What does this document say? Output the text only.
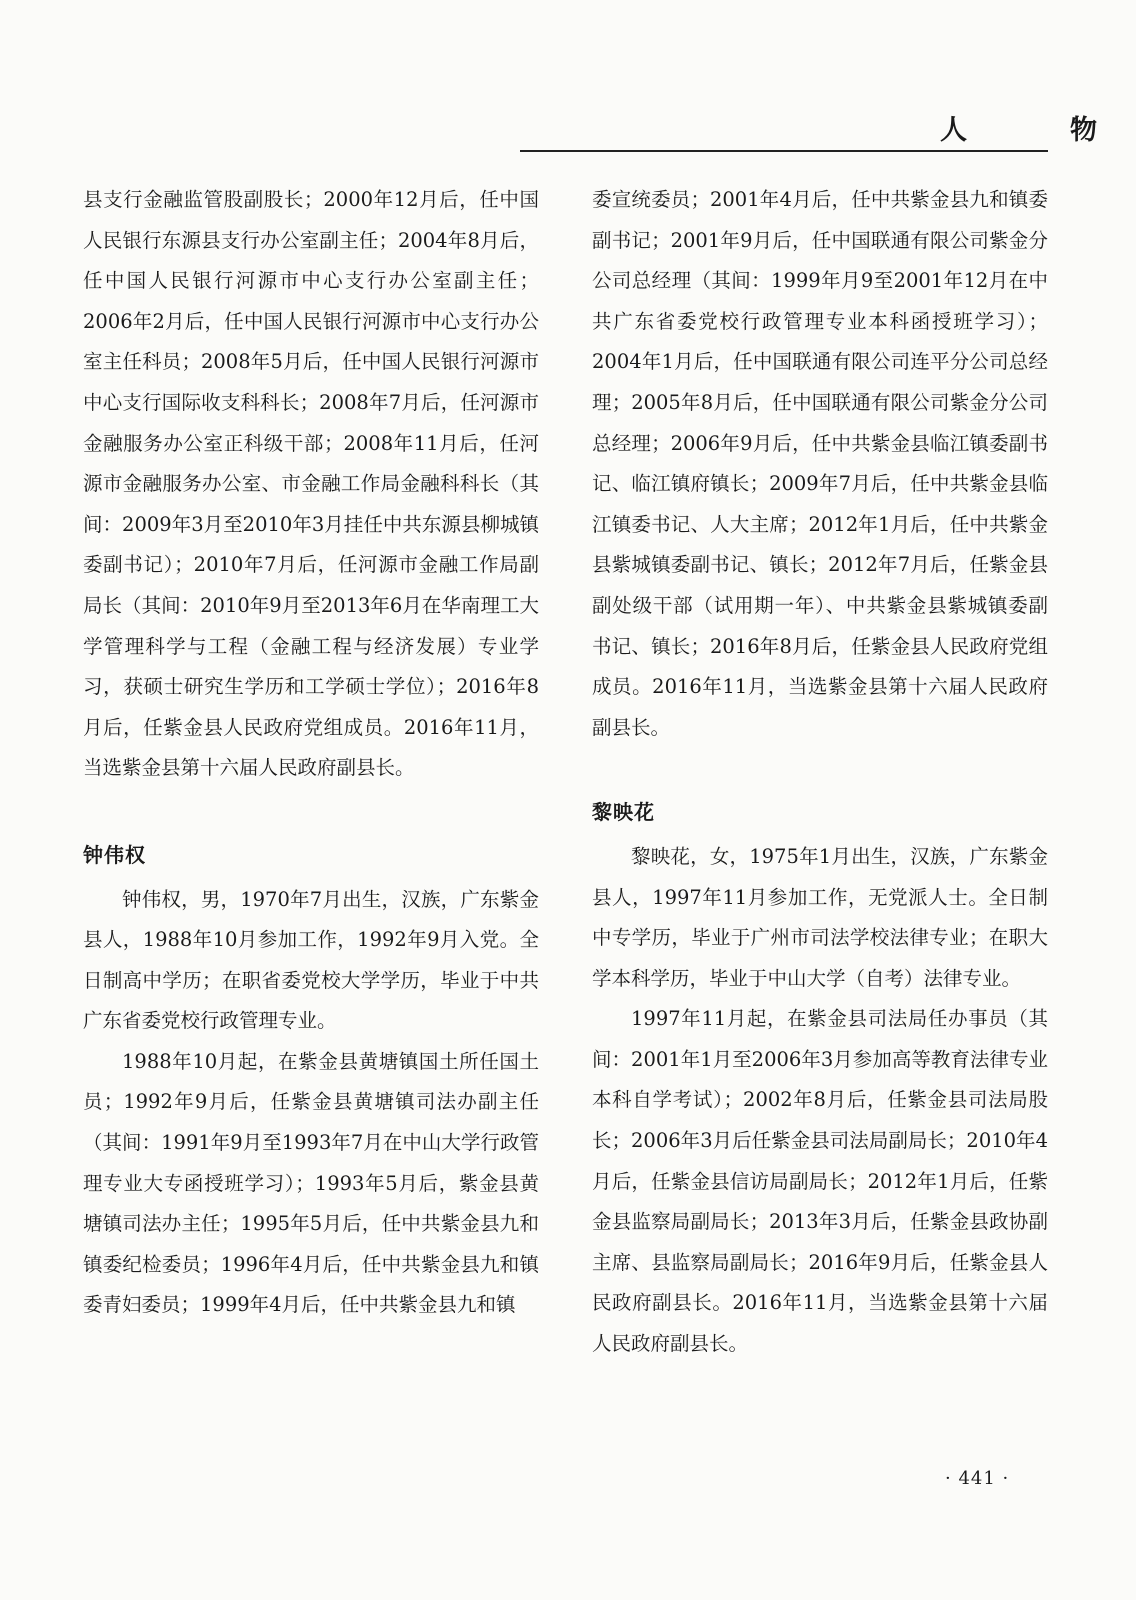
人　物

县支行金融监管股副股长；2000年12月后，任中国人民银行东源县支行办公室副主任；2004年8月后，任中国人民银行河源市中心支行办公室副主任；2006年2月后，任中国人民银行河源市中心支行办公室主任科员；2008年5月后，任中国人民银行河源市中心支行国际收支科科长；2008年7月后，任河源市金融服务办公室正科级干部；2008年11月后，任河源市金融服务办公室、市金融工作局金融科科长（其间：2009年3月至2010年3月挂任中共东源县柳城镇委副书记）；2010年7月后，任河源市金融工作局副局长（其间：2010年9月至2013年6月在华南理工大学管理科学与工程（金融工程与经济发展）专业学习，获硕士研究生学历和工学硕士学位）；2016年8月后，任紫金县人民政府党组成员。2016年11月，当选紫金县第十六届人民政府副县长。

钟伟权

钟伟权，男，1970年7月出生，汉族，广东紫金县人，1988年10月参加工作，1992年9月入党。全日制高中学历；在职省委党校大学学历，毕业于中共广东省委党校行政管理专业。

1988年10月起，在紫金县黄塘镇国土所任国土员；1992年9月后，任紫金县黄塘镇司法办副主任（其间：1991年9月至1993年7月在中山大学行政管理专业大专函授班学习）；1993年5月后，紫金县黄塘镇司法办主任；1995年5月后，任中共紫金县九和镇委纪检委员；1996年4月后，任中共紫金县九和镇委青妇委员；1999年4月后，任中共紫金县九和镇

委宣统委员；2001年4月后，任中共紫金县九和镇委副书记；2001年9月后，任中国联通有限公司紫金分公司总经理（其间：1999年月9至2001年12月在中共广东省委党校行政管理专业本科函授班学习）；2004年1月后，任中国联通有限公司连平分公司总经理；2005年8月后，任中国联通有限公司紫金分公司总经理；2006年9月后，任中共紫金县临江镇委副书记、临江镇府镇长；2009年7月后，任中共紫金县临江镇委书记、人大主席；2012年1月后，任中共紫金县紫城镇委副书记、镇长；2012年7月后，任紫金县副处级干部（试用期一年）、中共紫金县紫城镇委副书记、镇长；2016年8月后，任紫金县人民政府党组成员。2016年11月，当选紫金县第十六届人民政府副县长。

黎映花

黎映花，女，1975年1月出生，汉族，广东紫金县人，1997年11月参加工作，无党派人士。全日制中专学历，毕业于广州市司法学校法律专业；在职大学本科学历，毕业于中山大学（自考）法律专业。

1997年11月起，在紫金县司法局任办事员（其间：2001年1月至2006年3月参加高等教育法律专业本科自学考试）；2002年8月后，任紫金县司法局股长；2006年3月后任紫金县司法局副局长；2010年4月后，任紫金县信访局副局长；2012年1月后，任紫金县监察局副局长；2013年3月后，任紫金县政协副主席、县监察局副局长；2016年9月后，任紫金县人民政府副县长。2016年11月，当选紫金县第十六届人民政府副县长。

· 441 ·
